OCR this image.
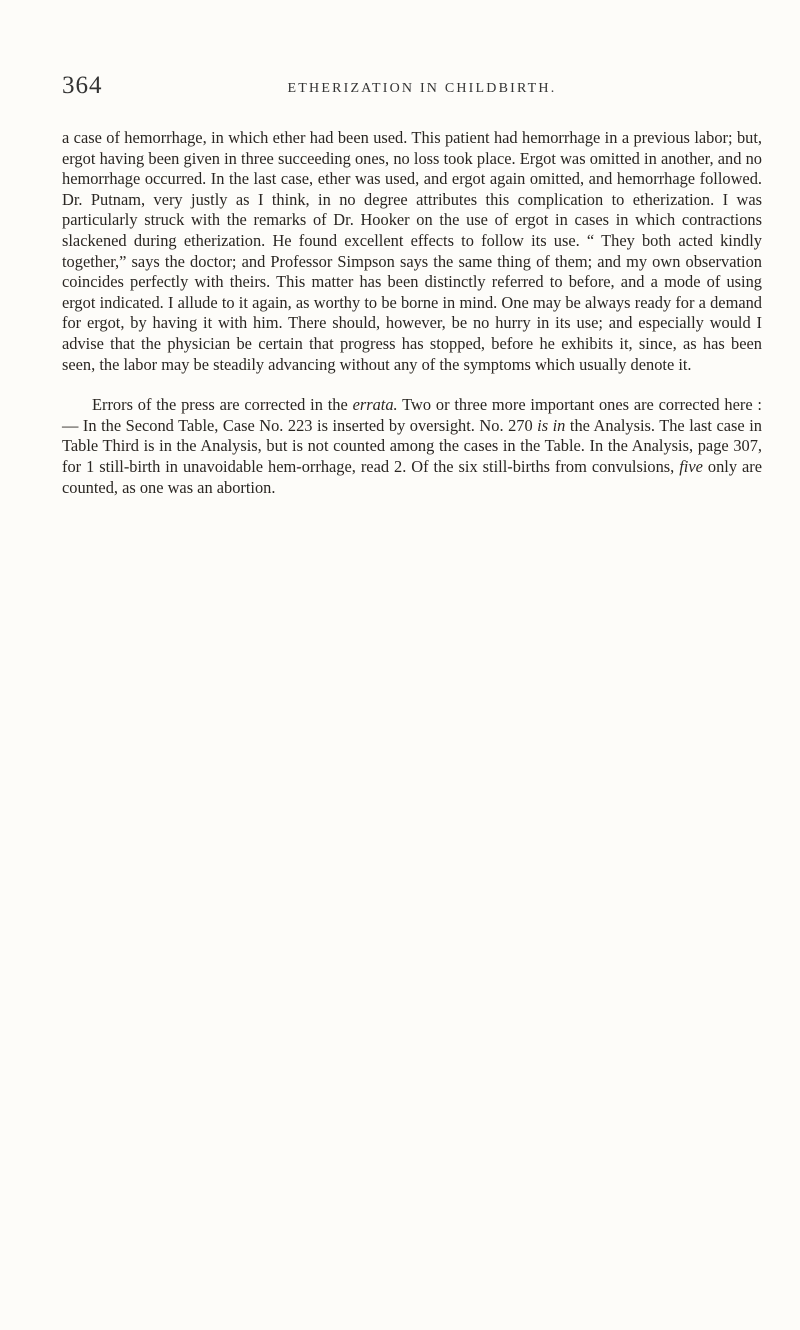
364	ETHERIZATION IN CHILDBIRTH.

a case of hemorrhage, in which ether had been used. This patient had hemorrhage in a previous labor; but, ergot having been given in three succeeding ones, no loss took place. Ergot was omitted in another, and no hemorrhage occurred. In the last case, ether was used, and ergot again omitted, and hemorrhage followed. Dr. Putnam, very justly as I think, in no degree attributes this complication to etherization. I was particularly struck with the remarks of Dr. Hooker on the use of ergot in cases in which contractions slackened during etherization. He found excellent effects to follow its use. “ They both acted kindly together,” says the doctor; and Professor Simpson says the same thing of them; and my own observation coincides perfectly with theirs. This matter has been distinctly referred to before, and a mode of using ergot indicated. I allude to it again, as worthy to be borne in mind. One may be always ready for a demand for ergot, by having it with him. There should, however, be no hurry in its use; and especially would I advise that the physician be certain that progress has stopped, before he exhibits it, since, as has been seen, the labor may be steadily advancing without any of the symptoms which usually denote it.

Errors of the press are corrected in the errata. Two or three more important ones are corrected here : — In the Second Table, Case No. 223 is inserted by oversight. No. 270 is in the Analysis. The last case in Table Third is in the Analysis, but is not counted among the cases in the Table. In the Analysis, page 307, for 1 still-birth in unavoidable hem-orrhage, read 2. Of the six still-births from convulsions, five only are counted, as one was an abortion.
